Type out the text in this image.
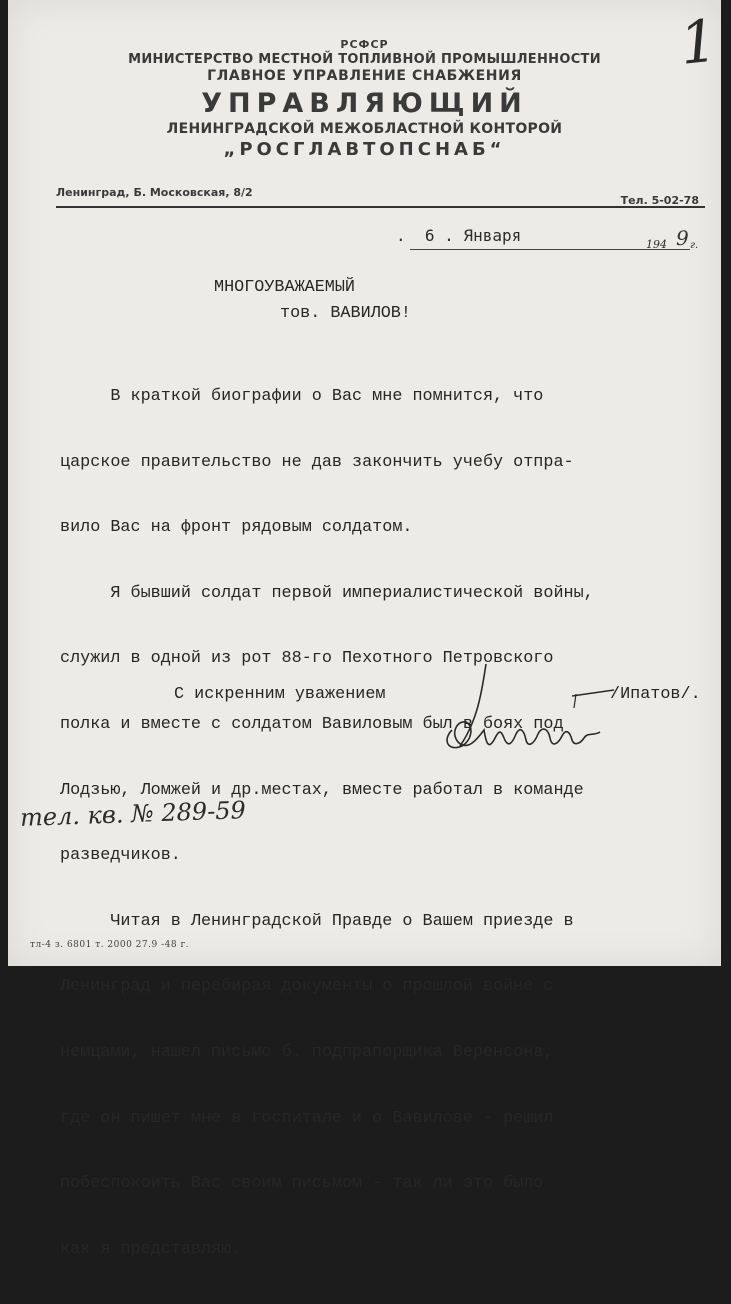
1
РСФСР
МИНИСТЕРСТВО МЕСТНОЙ ТОПЛИВНОЙ ПРОМЫШЛЕННОСТИ
ГЛАВНОЕ УПРАВЛЕНИЕ СНАБЖЕНИЯ
УПРАВЛЯЮЩИЙ
ЛЕНИНГРАДСКОЙ МЕЖОБЛАСТНОЙ КОНТОРОЙ
„РОСГЛАВТОПСНАБ“
Ленинград, Б. Московская, 8/2
Тел. 5-02-78
.  6 . Января	194 9 г.
МНОГОУВАЖАЕМЫЙ
тов. ВАВИЛОВ!

В краткой биографии о Вас мне помнится, что

царское правительство не дав закончить учебу отпра-

вило Вас на фронт рядовым солдатом.

Я бывший солдат первой империалистической войны,

служил в одной из рот 88-го Пехотного Петровского

полка и вместе с солдатом Вавиловым был в боях под

Лодзью, Ломжей и др.местах, вместе работал в команде

разведчиков.

Читая в Ленинградской Правде о Вашем приезде в

Ленинград и перебирая документы о прошлой войне с

немцами, нашел письмо б. подпрапорщика Веренсона,

где он пишет мне в госпитале и о Вавилове - решил

побеспокоить Вас своим письмом - так ли это было

как я представляю.

С искренним уважением	/Ипатов/.
тел. кв. № 289-59
тл-4 з. 6801 т. 2000 27.9 -48 г.
